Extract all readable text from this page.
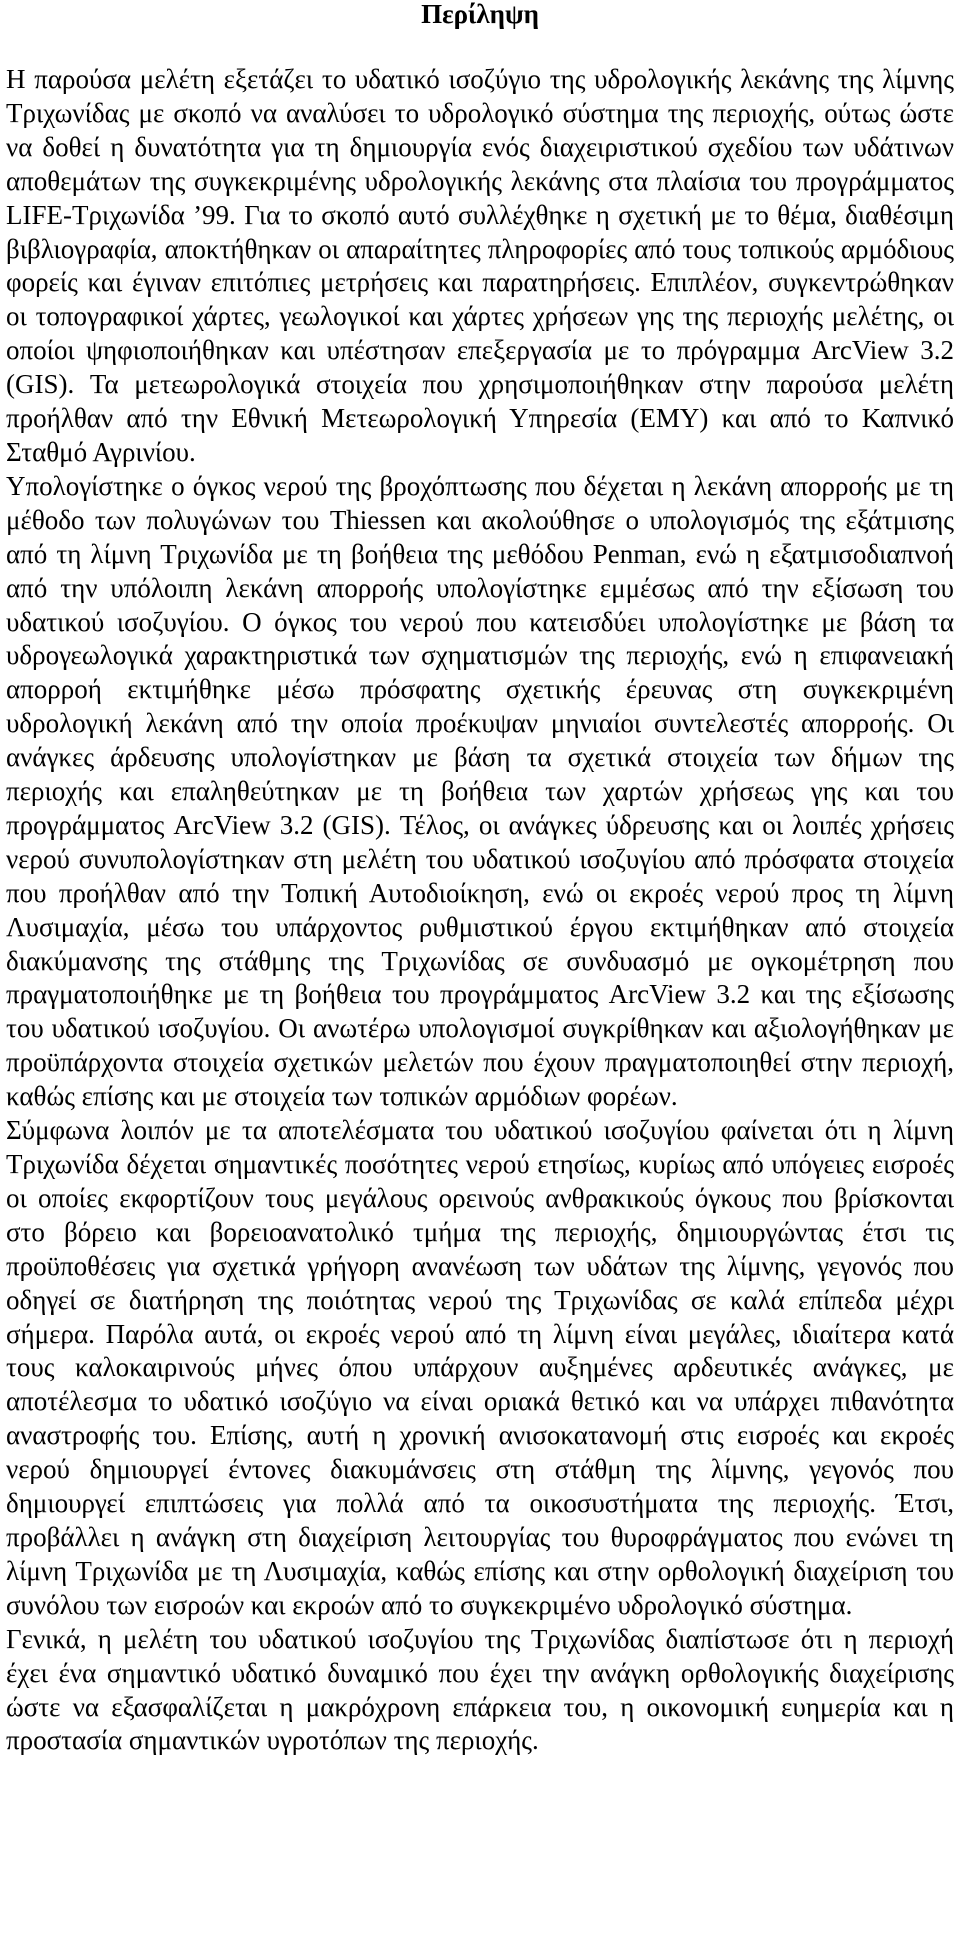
Περίληψη

Η παρούσα μελέτη εξετάζει το υδατικό ισοζύγιο της υδρολογικής λεκάνης της λίμνης Τριχωνίδας με σκοπό να αναλύσει το υδρολογικό σύστημα της περιοχής, ούτως ώστε να δοθεί η δυνατότητα για τη δημιουργία ενός διαχειριστικού σχεδίου των υδάτινων αποθεμάτων της συγκεκριμένης υδρολογικής λεκάνης στα πλαίσια του προγράμματος LIFE-Τριχωνίδα ’99. Για το σκοπό αυτό συλλέχθηκε η σχετική με το θέμα, διαθέσιμη βιβλιογραφία, αποκτήθηκαν οι απαραίτητες πληροφορίες από τους τοπικούς αρμόδιους φορείς και έγιναν επιτόπιες μετρήσεις και παρατηρήσεις. Επιπλέον, συγκεντρώθηκαν οι τοπογραφικοί χάρτες, γεωλογικοί και χάρτες χρήσεων γης της περιοχής μελέτης, οι οποίοι ψηφιοποιήθηκαν και υπέστησαν επεξεργασία με το πρόγραμμα ArcView 3.2 (GIS). Τα μετεωρολογικά στοιχεία που χρησιμοποιήθηκαν στην παρούσα μελέτη προήλθαν από την Εθνική Μετεωρολογική Υπηρεσία (ΕΜΥ) και από το Καπνικό Σταθμό Αγρινίου.

Υπολογίστηκε ο όγκος νερού της βροχόπτωσης που δέχεται η λεκάνη απορροής με τη μέθοδο των πολυγώνων του Thiessen και ακολούθησε ο υπολογισμός της εξάτμισης από τη λίμνη Τριχωνίδα με τη βοήθεια της μεθόδου Penman, ενώ η εξατμισοδιαπνοή από την υπόλοιπη λεκάνη απορροής υπολογίστηκε εμμέσως από την εξίσωση του υδατικού ισοζυγίου. Ο όγκος του νερού που κατεισδύει υπολογίστηκε με βάση τα υδρογεωλογικά χαρακτηριστικά των σχηματισμών της περιοχής, ενώ η επιφανειακή απορροή εκτιμήθηκε μέσω πρόσφατης σχετικής έρευνας στη συγκεκριμένη υδρολογική λεκάνη από την οποία προέκυψαν μηνιαίοι συντελεστές απορροής. Οι ανάγκες άρδευσης υπολογίστηκαν με βάση τα σχετικά στοιχεία των δήμων της περιοχής και επαληθεύτηκαν με τη βοήθεια των χαρτών χρήσεως γης και του προγράμματος ArcView 3.2 (GIS). Τέλος, οι ανάγκες ύδρευσης και οι λοιπές χρήσεις νερού συνυπολογίστηκαν στη μελέτη του υδατικού ισοζυγίου από πρόσφατα στοιχεία που προήλθαν από την Τοπική Αυτοδιοίκηση, ενώ οι εκροές νερού προς τη λίμνη Λυσιμαχία, μέσω του υπάρχοντος ρυθμιστικού έργου εκτιμήθηκαν από στοιχεία διακύμανσης της στάθμης της Τριχωνίδας σε συνδυασμό με ογκομέτρηση που πραγματοποιήθηκε με τη βοήθεια του προγράμματος ArcView 3.2 και της εξίσωσης του υδατικού ισοζυγίου. Οι ανωτέρω υπολογισμοί συγκρίθηκαν και αξιολογήθηκαν με προϋπάρχοντα στοιχεία σχετικών μελετών που έχουν πραγματοποιηθεί στην περιοχή, καθώς επίσης και με στοιχεία των τοπικών αρμόδιων φορέων.

Σύμφωνα λοιπόν με τα αποτελέσματα του υδατικού ισοζυγίου φαίνεται ότι η λίμνη Τριχωνίδα δέχεται σημαντικές ποσότητες νερού ετησίως, κυρίως από υπόγειες εισροές οι οποίες εκφορτίζουν τους μεγάλους ορεινούς ανθρακικούς όγκους που βρίσκονται στο βόρειο και βορειοανατολικό τμήμα της περιοχής, δημιουργώντας έτσι τις προϋποθέσεις για σχετικά γρήγορη ανανέωση των υδάτων της λίμνης, γεγονός που οδηγεί σε διατήρηση της ποιότητας νερού της Τριχωνίδας σε καλά επίπεδα μέχρι σήμερα. Παρόλα αυτά, οι εκροές νερού από τη λίμνη είναι μεγάλες, ιδιαίτερα κατά τους καλοκαιρινούς μήνες όπου υπάρχουν αυξημένες αρδευτικές ανάγκες, με αποτέλεσμα το υδατικό ισοζύγιο να είναι οριακά θετικό και να υπάρχει πιθανότητα αναστροφής του. Επίσης, αυτή η χρονική ανισοκατανομή στις εισροές και εκροές νερού δημιουργεί έντονες διακυμάνσεις στη στάθμη της λίμνης, γεγονός που δημιουργεί επιπτώσεις για πολλά από τα οικοσυστήματα της περιοχής. Έτσι, προβάλλει η ανάγκη στη διαχείριση λειτουργίας του θυροφράγματος που ενώνει τη λίμνη Τριχωνίδα με τη Λυσιμαχία, καθώς επίσης και στην ορθολογική διαχείριση του συνόλου των εισροών και εκροών από το συγκεκριμένο υδρολογικό σύστημα.

Γενικά, η μελέτη του υδατικού ισοζυγίου της Τριχωνίδας διαπίστωσε ότι η περιοχή έχει ένα σημαντικό υδατικό δυναμικό που έχει την ανάγκη ορθολογικής διαχείρισης ώστε να εξασφαλίζεται η μακρόχρονη επάρκεια του, η οικονομική ευημερία και η προστασία σημαντικών υγροτόπων της περιοχής.
